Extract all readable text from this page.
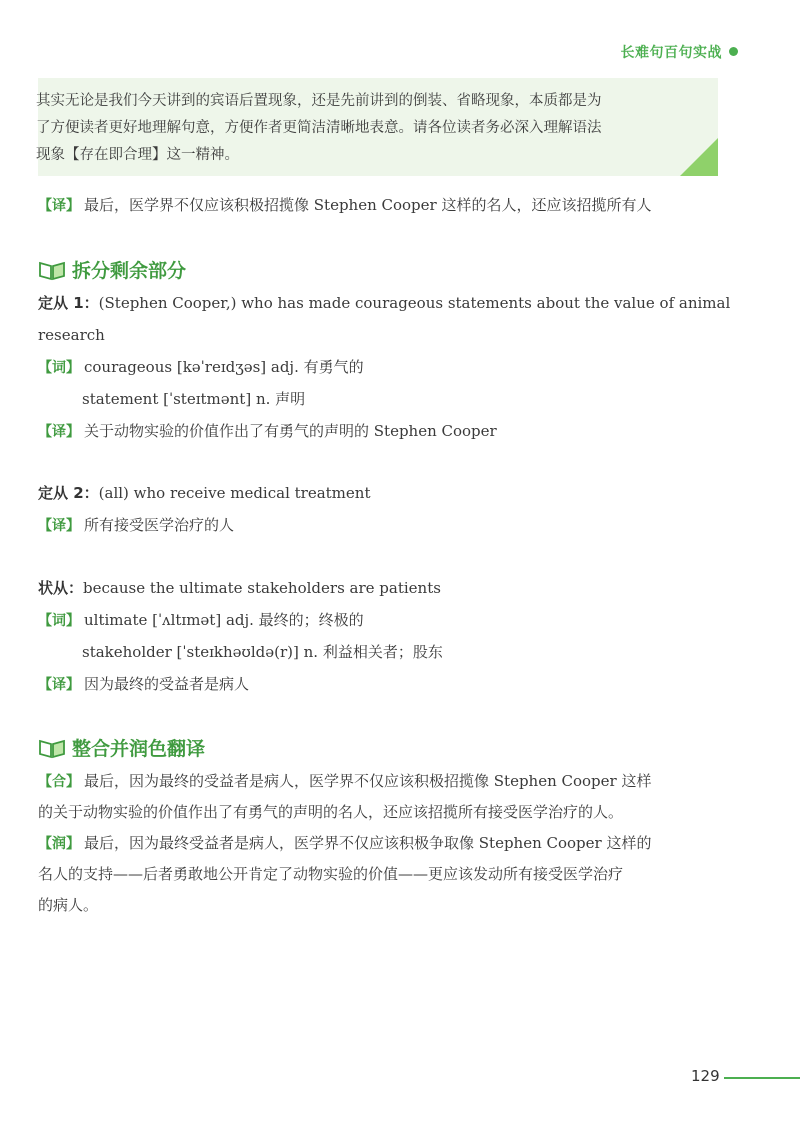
长难句百句实战
其实无论是我们今天讲到的宾语后置现象，还是先前讲到的倒装、省略现象，本质都是为
了方便读者更好地理解句意，方便作者更简洁清晰地表意。请各位读者务必深入理解语法
现象【存在即合理】这一精神。
【译】 最后，医学界不仅应该积极招揽像 Stephen Cooper 这样的名人，还应该招揽所有人
拆分剩余部分
定从 1：(Stephen Cooper,) who has made courageous statements about the value of animal
research
【词】 courageous [kəˈreɪdʒəs] adj. 有勇气的
statement [ˈsteɪtmənt] n. 声明
【译】 关于动物实验的价值作出了有勇气的声明的 Stephen Cooper
定从 2：(all) who receive medical treatment
【译】 所有接受医学治疗的人
状从：because the ultimate stakeholders are patients
【词】 ultimate [ˈʌltɪmət] adj. 最终的；终极的
stakeholder [ˈsteɪkhəʊldə(r)] n. 利益相关者；股东
【译】 因为最终的受益者是病人
整合并润色翻译
【合】 最后，因为最终的受益者是病人，医学界不仅应该积极招揽像 Stephen Cooper 这样
的关于动物实验的价值作出了有勇气的声明的名人，还应该招揽所有接受医学治疗的人。
【润】 最后，因为最终受益者是病人，医学界不仅应该积极争取像 Stephen Cooper 这样的
名人的支持——后者勇敢地公开肯定了动物实验的价值——更应该发动所有接受医学治疗
的病人。
129
